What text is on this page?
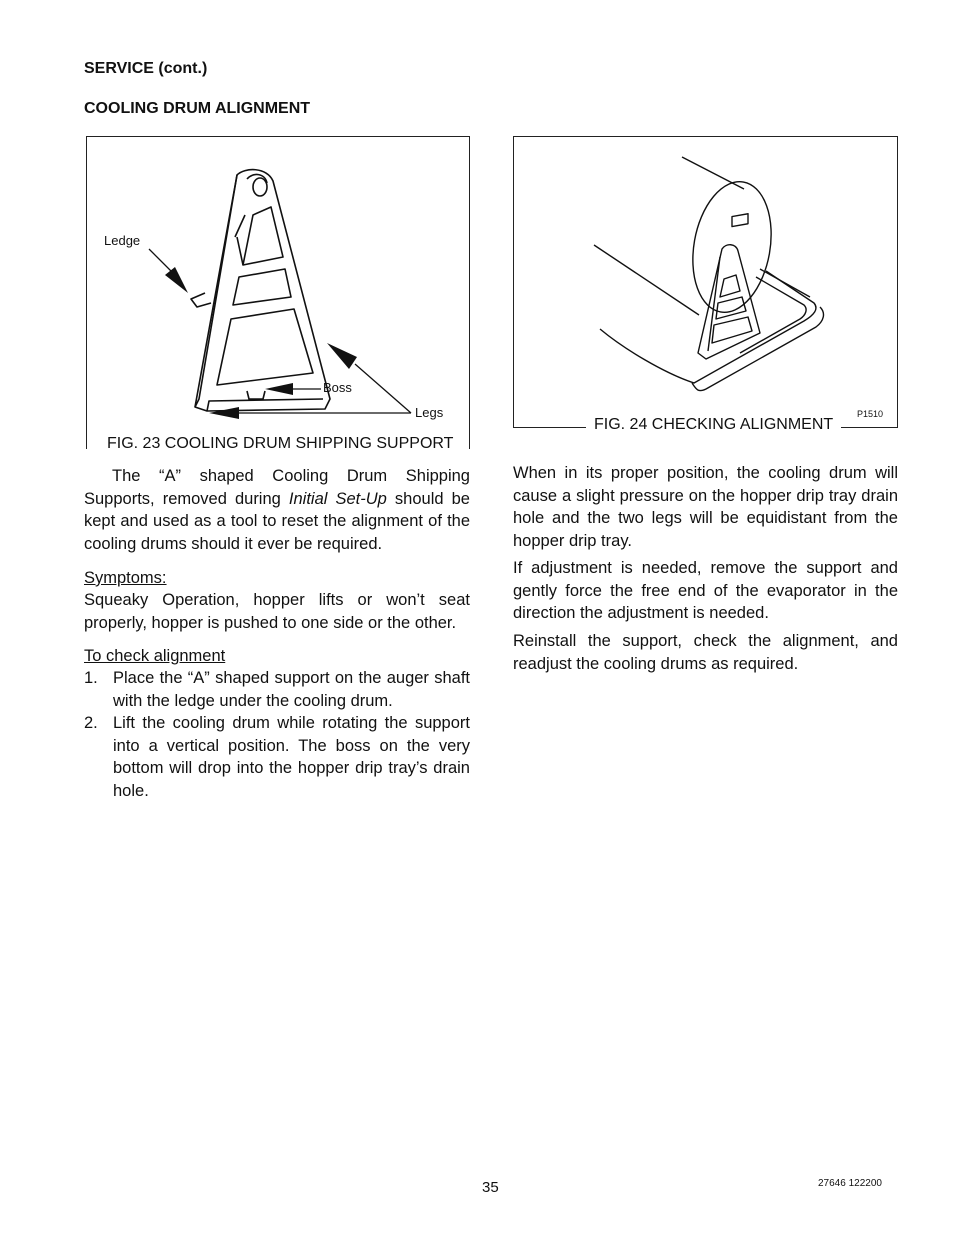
SERVICE (cont.)
COOLING DRUM ALIGNMENT
Ledge
Boss
Legs
FIG. 23 COOLING DRUM SHIPPING SUPPORT
P1510
FIG. 24 CHECKING ALIGNMENT

The “A” shaped Cooling Drum Shipping Supports, removed during Initial Set-Up should be kept and used as a tool to reset the alignment of the cooling drums should it ever be required.

Symptoms:

Squeaky Operation, hopper lifts or won’t seat properly, hopper is pushed to one side or the other.

To check alignment
1. Place the “A” shaped support on the auger shaft with the ledge under the cooling drum.
2. Lift the cooling drum while rotating the support into a vertical position. The boss on the very bottom will drop into the hopper drip tray’s drain hole.

When in its proper position, the cooling drum will cause a slight pressure on the hopper drip tray drain hole and the two legs will be equidistant from the hopper drip tray.

If adjustment is needed, remove the support and gently force the free end of the evaporator in the direction the adjustment is needed.

Reinstall the support, check the alignment, and readjust the cooling drums as required.

35	27646 122200
